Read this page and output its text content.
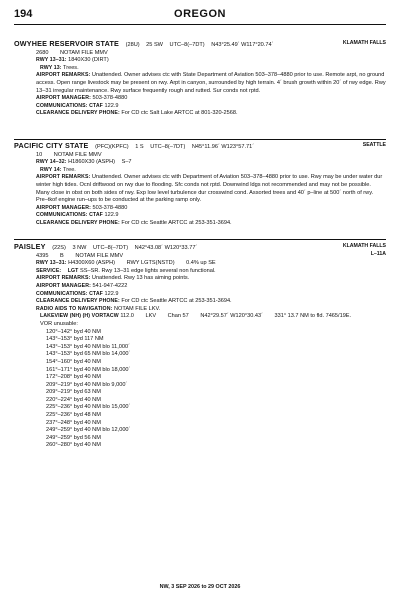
194	OREGON
KLAMATH FALLS
OWYHEE RESERVOIR STATE (28U) 25 SW UTC–8(–7DT) N43°25.49´ W117°20.74´
2680 NOTAM FILE MMV
RWY 13–31: 1840X30 (DIRT)
RWY 13: Trees.
AIRPORT REMARKS: Unattended. Owner advises ctc with State Department of Aviation 503–378–4880 prior to use. Remote arpt, no ground access. Open range livestock may be present on rwy. Arpt in canyon, surrounded by high terrain. 4´ brush growth within 20´ of rwy edge. Rwy 13–31 irregular maintenance. Rwy surface frequently rough and rutted. Sur conds not rptd.
AIRPORT MANAGER: 503-378-4880
COMMUNICATIONS: CTAF 122.9
CLEARANCE DELIVERY PHONE: For CD ctc Salt Lake ARTCC at 801-320-2568.
SEATTLE
PACIFIC CITY STATE (PFC)(KPFC) 1 S UTC–8(–7DT) N45°11.96´ W123°57.71´
10 NOTAM FILE MMV
RWY 14–32: H1860X30 (ASPH) S–7
RWY 14: Tree.
AIRPORT REMARKS: Unattended. Owner advises ctc with Department of Aviation 503–378–4880 prior to use. Rwy may be under water dur winter high tides. Ocnl driftwood on rwy due to flooding. Sfc conds not rptd. Downwind ldgs not recommended and may not be possible. Many close in obst on both sides of rwy. Exp low level turbulence dur crosswind cond. Assorted trees and 40´ p–line at 500´ north of rwy. Pre–tkof engine run–ups to be conducted at the parking ramp only.
AIRPORT MANAGER: 503-378-4880
COMMUNICATIONS: CTAF 122.9
CLEARANCE DELIVERY PHONE: For CD ctc Seattle ARTCC at 253-351-3694.
KLAMATH FALLS
L–11A
PAISLEY (22S) 3 NW UTC–8(–7DT) N42°43.08´ W120°33.77´
4395 B NOTAM FILE MMV
RWY 13–31: H4300X60 (ASPH) RWY LGTS(NSTD) 0.4% up SE
SERVICE: LGT SS–SR. Rwy 13–31 edge lights several non functional.
AIRPORT REMARKS: Unattended. Rwy 13 has aiming points.
AIRPORT MANAGER: 541-947-4222
COMMUNICATIONS: CTAF 122.9
CLEARANCE DELIVERY PHONE: For CD ctc Seattle ARTCC at 253-351-3694.
RADIO AIDS TO NAVIGATION: NOTAM FILE LKV.
LAKEVIEW (NH) (H) VORTACW 112.0 LKV Chan 57 N42°29.57´ W120°30.43´ 331° 13.7 NM to fld. 7465/19E.
VOR unusable:
120°–142° byd 40 NM
143°–153° byd 117 NM
143°–153° byd 40 NM blo 11,000´
143°–153° byd 65 NM blo 14,000´
154°–160° byd 40 NM
161°–171° byd 40 NM blo 18,000´
172°–208° byd 40 NM
209°–219° byd 40 NM blo 9,000´
209°–219° byd 63 NM
220°–224° byd 40 NM
225°–236° byd 40 NM blo 15,000´
225°–236° byd 48 NM
237°–248° byd 40 NM
249°–259° byd 40 NM blo 12,000´
249°–259° byd 56 NM
260°–280° byd 40 NM
NW, 3 SEP 2026 to 29 OCT 2026
